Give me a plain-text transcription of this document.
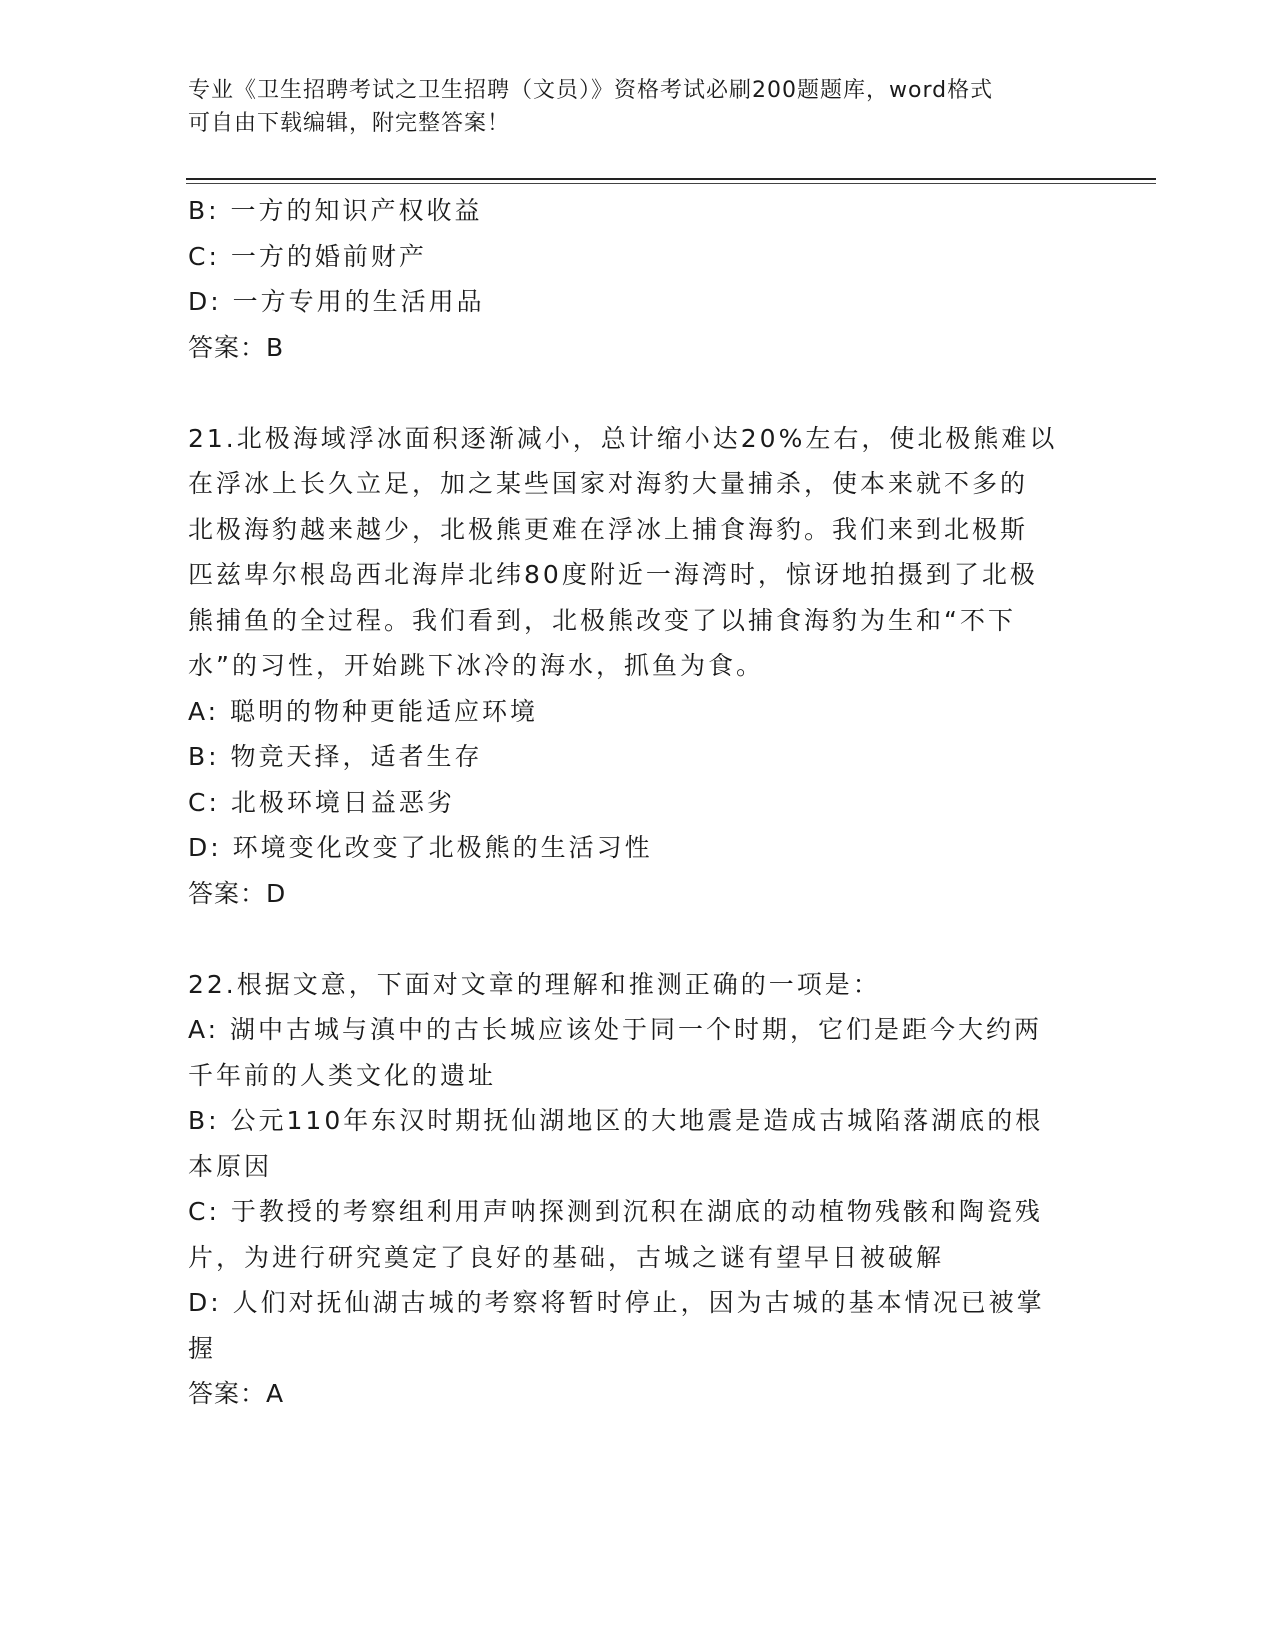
专业《卫生招聘考试之卫生招聘（文员）》资格考试必刷200题题库，word格式
可自由下载编辑，附完整答案！

B: 一方的知识产权收益

C: 一方的婚前财产

D: 一方专用的生活用品

答案：B

21.北极海域浮冰面积逐渐减小，总计缩小达20%左右，使北极熊难以

在浮冰上长久立足，加之某些国家对海豹大量捕杀，使本来就不多的

北极海豹越来越少，北极熊更难在浮冰上捕食海豹。我们来到北极斯

匹兹卑尔根岛西北海岸北纬80度附近一海湾时，惊讶地拍摄到了北极

熊捕鱼的全过程。我们看到，北极熊改变了以捕食海豹为生和“不下

水”的习性，开始跳下冰冷的海水，抓鱼为食。

A: 聪明的物种更能适应环境

B: 物竞天择，适者生存

C: 北极环境日益恶劣

D: 环境变化改变了北极熊的生活习性

答案：D

22.根据文意，下面对文章的理解和推测正确的一项是：

A: 湖中古城与滇中的古长城应该处于同一个时期，它们是距今大约两

千年前的人类文化的遗址

B: 公元110年东汉时期抚仙湖地区的大地震是造成古城陷落湖底的根

本原因

C: 于教授的考察组利用声呐探测到沉积在湖底的动植物残骸和陶瓷残

片，为进行研究奠定了良好的基础，古城之谜有望早日被破解

D: 人们对抚仙湖古城的考察将暂时停止，因为古城的基本情况已被掌

握

答案：A
